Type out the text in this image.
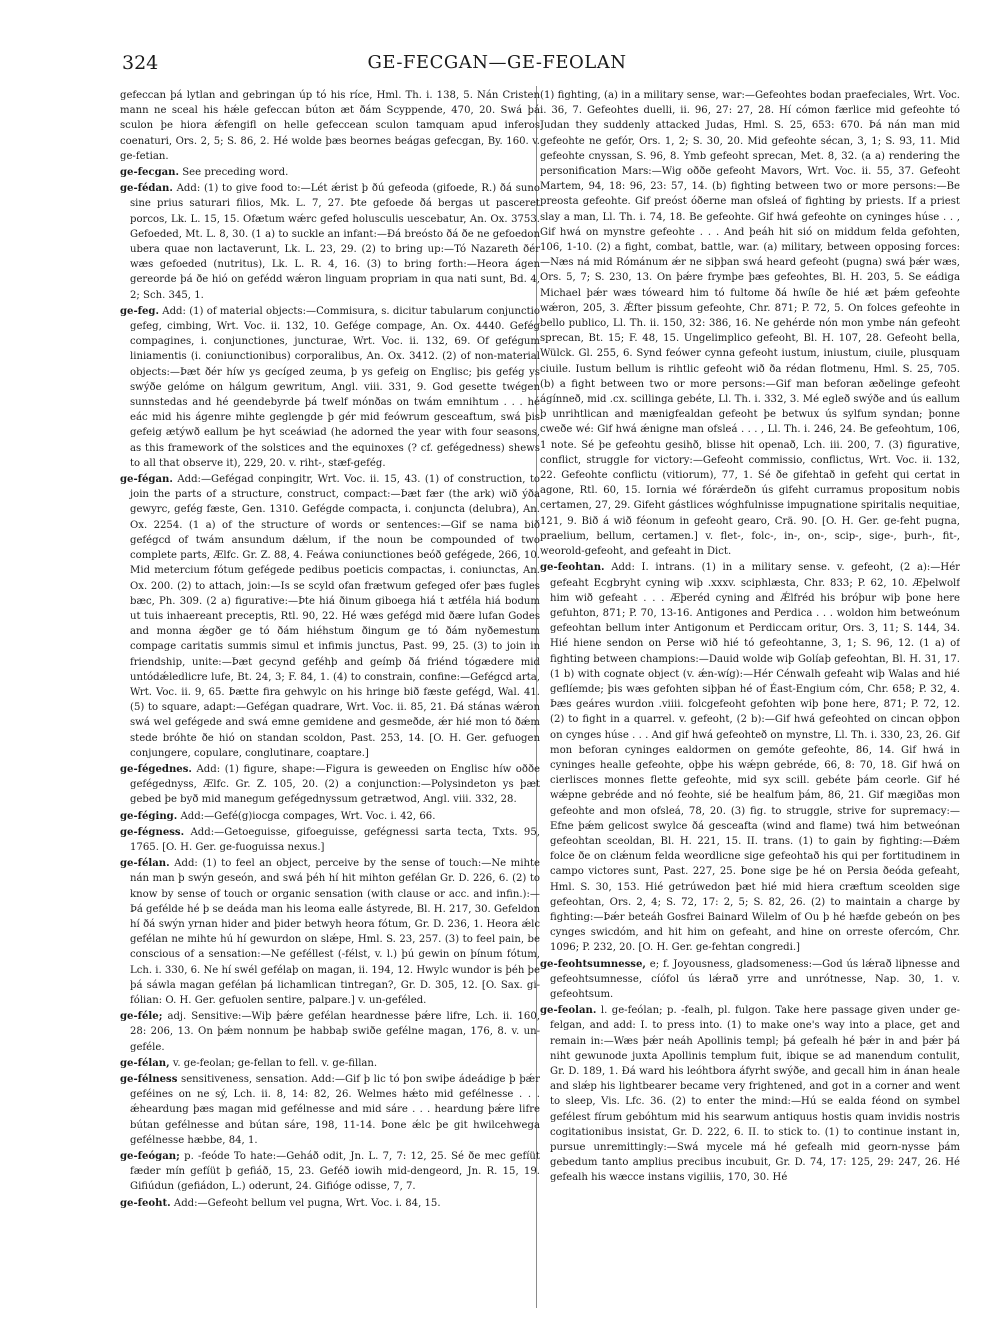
324	GE-FECGAN—GE-FEOLAN

gefeccan þá lytlan and gebringan úp tó his ríce, Hml. Th. i. 138, 5. Nán Cristen mann ne sceal his hǽle gefeccan búton æt ðám Scyppende, 470, 20. Swá þá sculon þe hiora ǽfengifl on helle gefeccean sculon tamquam apud inferos coenaturi, Ors. 2, 5; S. 86, 2. Hé wolde þæs beornes beágas gefecgan, By. 160. v. ge-fetian.

ge-fecgan. See preceding word.

ge-fédan. Add: (1) to give food to:—Lét ǽrist þ ðú gefeoda (gifoede, R.) ðá suno sine prius saturari filios, Mk. L. 7, 27. Þte gefoede ðá bergas ut pasceret porcos, Lk. L. 15, 15. Ofætum wǽrc gefed holusculis uescebatur, An. Ox. 3753. Gefoeded, Mt. L. 8, 30. (1 a) to suckle an infant:—Ðá breósto ðá ðe ne gefoedon ubera quae non lactaverunt, Lk. L. 23, 29. (2) to bring up:—Tó Nazareth ðér wæs gefoeded (nutritus), Lk. L. R. 4, 16. (3) to bring forth:—Heora ágen gereorde þá ðe hió on gefédd wǽron linguam propriam in qua nati sunt, Bd. 4, 2; Sch. 345, 1.

ge-feg. Add: (1) of material objects:—Commisura, s. dicitur tabularum conjunctio gefeg, cimbing, Wrt. Voc. ii. 132, 10. Gefége compage, An. Ox. 4440. Gefég compagines, i. conjunctiones, juncturae, Wrt. Voc. ii. 132, 69. Of gefégum liniamentis (i. coniunctionibus) corporalibus, An. Ox. 3412. (2) of non-material objects:—Þæt ðér híw ys gecíged zeuma, þ ys gefeig on Englisc; þis gefég ys swýðe gelóme on hálgum gewritum, Angl. viii. 331, 9. God gesette twégen sunnstedas and hé geendebyrde þá twelf mónðas on twám emnihtum . . . hé eác mid his ágenre mihte geglengde þ gér mid feówrum gesceaftum, swá þis gefeig ætýwð eallum þe hyt sceáwiad (he adorned the year with four seasons, as this framework of the solstices and the equinoxes (? cf. gefégedness) shews to all that observe it), 229, 20. v. riht-, stæf-gefég.

ge-fégan. Add:—Gefégad conpingitr, Wrt. Voc. ii. 15, 43. (1) of construction, to join the parts of a structure, construct, compact:—Þæt fær (the ark) wið ýða gewyrc, gefég fæste, Gen. 1310. Gefégde compacta, i. conjuncta (delubra), An. Ox. 2254. (1 a) of the structure of words or sentences:—Gif se nama bið gefégcd of twám ansundum dǽlum, if the noun be compounded of two complete parts, Ælfc. Gr. Z. 88, 4. Feáwa coniunctiones beóð gefégede, 266, 10. Mid metercium fótum gefégede pedibus poeticis compactas, i. coniunctas, An. Ox. 200. (2) to attach, join:—Is se scyld ofan frætwum gefeged ofer þæs fugles bæc, Ph. 309. (2 a) figurative:—Þte hiá ðinum giboega hiá t ætféla hiá bodum ut tuis inhaereant preceptis, Rtl. 90, 22. Hé wæs gefégd mid ðære lufan Godes and monna ǽgðer ge tó ðám hiéhstum ðingum ge tó ðám nyðemestum compage caritatis summis simul et infimis junctus, Past. 99, 25. (3) to join in friendship, unite:—Þæt gecynd geféhþ and geímþ ðá friénd tógædere mid untódǽledlicre lufe, Bt. 24, 3; F. 84, 1. (4) to constrain, confine:—Gefégcd arta, Wrt. Voc. ii. 9, 65. Þætte fira gehwylc on his hringe bið fæste gefégd, Wal. 41. (5) to square, adapt:—Gefégan quadrare, Wrt. Voc. ii. 85, 21. Ðá stánas wǽron swá wel gefégede and swá emne gemidene and gesmeðde, ǽr hié mon tó ðǽm stede bróhte ðe hió on standan scoldon, Past. 253, 14. [O. H. Ger. gefuogen conjungere, copulare, conglutinare, coaptare.]

ge-fégednes. Add: (1) figure, shape:—Figura is geweeden on Englisc híw oððe gefégednyss, Ælfc. Gr. Z. 105, 20. (2) a conjunction:—Polysindeton ys þæt gebed þe byð mid manegum gefégednyssum getrætwod, Angl. viii. 332, 28.

ge-féging. Add:—Gefé(g)iocga compages, Wrt. Voc. i. 42, 66.

ge-fégness. Add:—Getoeguisse, gifoeguisse, gefégnessi sarta tecta, Txts. 95, 1765. [O. H. Ger. ge-fuoguissa nexus.]

ge-félan. Add: (1) to feel an object, perceive by the sense of touch:—Ne mihte nán man þ swýn geseón, and swá þéh hí hit mihton gefélan Gr. D. 226, 6. (2) to know by sense of touch or organic sensation (with clause or acc. and infin.):—Þá gefélde hé þ se deáda man his leoma ealle ástyrede, Bl. H. 217, 30. Gefeldon hí ðá swýn yrnan hider and þider betwyh heora fótum, Gr. D. 236, 1. Heora ǽlc gefélan ne mihte hú hí gewurdon on slǽpe, Hml. S. 23, 257. (3) to feel pain, be conscious of a sensation:—Ne geféllest (-félst, v. l.) þú gewin on þínum fótum, Lch. i. 330, 6. Ne hí swél gefélaþ on magan, ii. 194, 12. Hwylc wundor is þéh þe þá sáwla magan gefélan þá lichamlican tintregan?, Gr. D. 305, 12. [O. Sax. gi-fólian: O. H. Ger. gefuolen sentire, palpare.] v. un-geféled.

ge-féle; adj. Sensitive:—Wiþ þǽre gefélan heardnesse þǽre lifre, Lch. ii. 160, 28: 206, 13. On þǽm nonnum þe habbaþ swiðe gefélne magan, 176, 8. v. un-geféle.

ge-félan, v. ge-feolan; ge-fellan to fell. v. ge-fillan.

ge-félness sensitiveness, sensation. Add:—Gif þ lic tó þon swiþe ádeádige þ þǽr geféines on ne sý, Lch. ii. 8, 14: 82, 26. Welmes hǽto mid gefélnesse . . . ǽheardung þæs magan mid gefélnesse and mid sáre . . . heardung þǽre lifre bútan gefélnesse and bútan sáre, 198, 11-14. Þone ǽlc þe git hwilcehwega gefélnesse hæbbe, 84, 1.

ge-feógan; p. -feóde To hate:—Geháð odit, Jn. L. 7, 7: 12, 25. Sé ðe mec gefíüt fæder mín gefíüt þ gefiáð, 15, 23. Geféð iowih mid-dengeord, Jn. R. 15, 19. Gifiúdun (gefiádon, L.) oderunt, 24. Gifióge odisse, 7, 7.

ge-feoht. Add:—Gefeoht bellum vel pugna, Wrt. Voc. i. 84, 15.

(1) fighting, (a) in a military sense, war:—Gefeohtes bodan praefeciales, Wrt. Voc. i. 36, 7. Gefeohtes duelli, ii. 96, 27: 27, 28. Hí cómon færlice mid gefeohte tó Judan they suddenly attacked Judas, Hml. S. 25, 653: 670. Þá nán man mid gefeohte ne gefór, Ors. 1, 2; S. 30, 20. Mid gefeohte sécan, 3, 1; S. 93, 11. Mid gefeohte cnyssan, S. 96, 8. Ymb gefeoht sprecan, Met. 8, 32. (a a) rendering the personification Mars:—Wig oððe gefeoht Mavors, Wrt. Voc. ii. 55, 37. Gefeoht Martem, 94, 18: 96, 23: 57, 14. (b) fighting between two or more persons:—Be preosta gefeohte. Gif preóst óðerne man ofsleá of fighting by priests. If a priest slay a man, Ll. Th. i. 74, 18. Be gefeohte. Gif hwá gefeohte on cyninges húse . . , Gif hwá on mynstre gefeohte . . . And þeáh hit sió on middum felda gefohten, 106, 1-10. (2) a fight, combat, battle, war. (a) military, between opposing forces:—Næs ná mid Rómánum ǽr ne siþþan swá heard gefeoht (pugna) swá þǽr wæs, Ors. 5, 7; S. 230, 13. On þǽre frymþe þæs gefeohtes, Bl. H. 203, 5. Se eádiga Michael þǽr wæs tóweard him tó fultome ðá hwíle ðe hié æt þǽm gefeohte wǽron, 205, 3. Ǽfter þissum gefeohte, Chr. 871; P. 72, 5. On folces gefeohte in bello publico, Ll. Th. ii. 150, 32: 386, 16. Ne gehérde nón mon ymbe nán gefeoht sprecan, Bt. 15; F. 48, 15. Ungelimplico gefeoht, Bl. H. 107, 28. Gefeoht bella, Wülck. Gl. 255, 6. Synd feówer cynna gefeoht iustum, iniustum, ciuile, plusquam ciuile. Iustum bellum is rihtlic gefeoht wið ða rédan flotmenu, Hml. S. 25, 705. (b) a fight between two or more persons:—Gif man beforan æðelinge gefeoht ágínneð, mid .cx. scillinga gebéte, Ll. Th. i. 332, 3. Mé egleð swýðe and ús eallum þ unrihtlican and mænigfealdan gefeoht þe betwux ús sylfum syndan; þonne cweðe wé: Gif hwá ǽnigne man ofsleá . . . , Ll. Th. i. 246, 24. Be gefeohtum, 106, 1 note. Sé þe gefeohtu gesihð, blisse hit openað, Lch. iii. 200, 7. (3) figurative, conflict, struggle for victory:—Gefeoht commissio, conflictus, Wrt. Voc. ii. 132, 22. Gefeohte conflictu (vitiorum), 77, 1. Sé ðe gifehtað in gefeht qui certat in agone, Rtl. 60, 15. Iornia wé fórǽrdeðn ús gifeht curramus propositum nobis certamen, 27, 29. Gifeht gástlices wóghfulnisse impugnatione spiritalis nequitiae, 121, 9. Bið á wið féonum in gefeoht gearo, Crä. 90. [O. H. Ger. ge-feht pugna, praelium, bellum, certamen.] v. flet-, folc-, in-, on-, scip-, sige-, þurh-, fit-, weorold-gefeoht, and gefeaht in Dict.

ge-feohtan. Add: I. intrans. (1) in a military sense. v. gefeoht, (2 a):—Hér gefeaht Ecgbryht cyning wiþ .xxxv. sciphlæsta, Chr. 833; P. 62, 10. Æþelwolf him wið gefeaht . . . Æþeréd cyning and Ǽlfréd his bróþur wiþ þone here gefuhton, 871; P. 70, 13-16. Antigones and Perdica . . . woldon him betweónum gefeohtan bellum inter Antigonum et Perdiccam oritur, Ors. 3, 11; S. 144, 34. Hié hiene sendon on Perse wið hié tó gefeohtanne, 3, 1; S. 96, 12. (1 a) of fighting between champions:—Dauid wolde wiþ Golíaþ gefeohtan, Bl. H. 31, 17. (1 b) with cognate object (v. ǽn-wíg):—Hér Cénwalh gefeaht wiþ Walas and hié geflíemde; þis wæs gefohten siþþan hé of Éast-Engium cóm, Chr. 658; P. 32, 4. Þæs geáres wurdon .viiii. folcgefeoht gefohten wiþ þone here, 871; P. 72, 12. (2) to fight in a quarrel. v. gefeoht, (2 b):—Gif hwá gefeohted on cincan oþþon on cynges húse . . . And gif hwá gefeohteð on mynstre, Ll. Th. i. 330, 23, 26. Gif mon beforan cyninges ealdormen on gemóte gefeohte, 86, 14. Gif hwá in cyninges healle gefeohte, oþþe his wǽpn gebréde, 66, 8: 70, 18. Gif hwá on cierlisces monnes flette gefeohte, mid syx scill. gebéte þám ceorle. Gif hé wǽpne gebréde and nó feohte, sié be healfum þám, 86, 21. Gif mægiðas mon gefeohte and mon ofsleá, 78, 20. (3) fig. to struggle, strive for supremacy:—Efne þǽm gelicost swylce ðá gesceafta (wind and flame) twá him betweónan gefeohtan sceoldan, Bl. H. 221, 15. II. trans. (1) to gain by fighting:—Ðǽm folce ðe on clǽnum felda weordlicne sige gefeohtað his qui per fortitudinem in campo victores sunt, Past. 227, 25. Þone sige þe hé on Persia ðeóda gefeaht, Hml. S. 30, 153. Hié getrúwedon þæt hié mid hiera cræftum sceolden sige gefeohtan, Ors. 2, 4; S. 72, 17: 2, 5; S. 82, 26. (2) to maintain a charge by fighting:—Þǽr beteáh Gosfrei Bainard Wilelm of Ou þ hé hæfde gebeón on þes cynges swicdóm, and hit him on gefeaht, and hine on orreste ofercóm, Chr. 1096; P. 232, 20. [O. H. Ger. ge-fehtan congredi.]

ge-feohtsumnesse, e; f. Joyousness, gladsomeness:—God ús lǽrað liþnesse and gefeohtsumnesse, cíófol ús lǽrað yrre and unrótnesse, Nap. 30, 1. v. gefeohtsum.

ge-feolan. l. ge-feólan; p. -fealh, pl. fulgon. Take here passage given under ge-felgan, and add: I. to press into. (1) to make one's way into a place, get and remain in:—Wæs þǽr neáh Apollinis templ; þá gefealh hé þǽr in and þǽr þá niht gewunode juxta Apollinis templum fuit, ibique se ad manendum contulit, Gr. D. 189, 1. Ðá ward his leóhtbora áfyrht swýðe, and gecall him in ánan heale and slǽp his lightbearer became very frightened, and got in a corner and went to sleep, Vis. Lfc. 36. (2) to enter the mind:—Hú se ealda féond on symbel gefélest fírum gebóhtum mid his searwum antiquus hostis quam invidis nostris cogitationibus insistat, Gr. D. 222, 6. II. to stick to. (1) to continue instant in, pursue unremittingly:—Swá mycele má hé gefealh mid georn-nysse þám gebedum tanto amplius precibus incubuit, Gr. D. 74, 17: 125, 29: 247, 26. Hé gefealh his wæcce instans vigiliis, 170, 30. Hé
